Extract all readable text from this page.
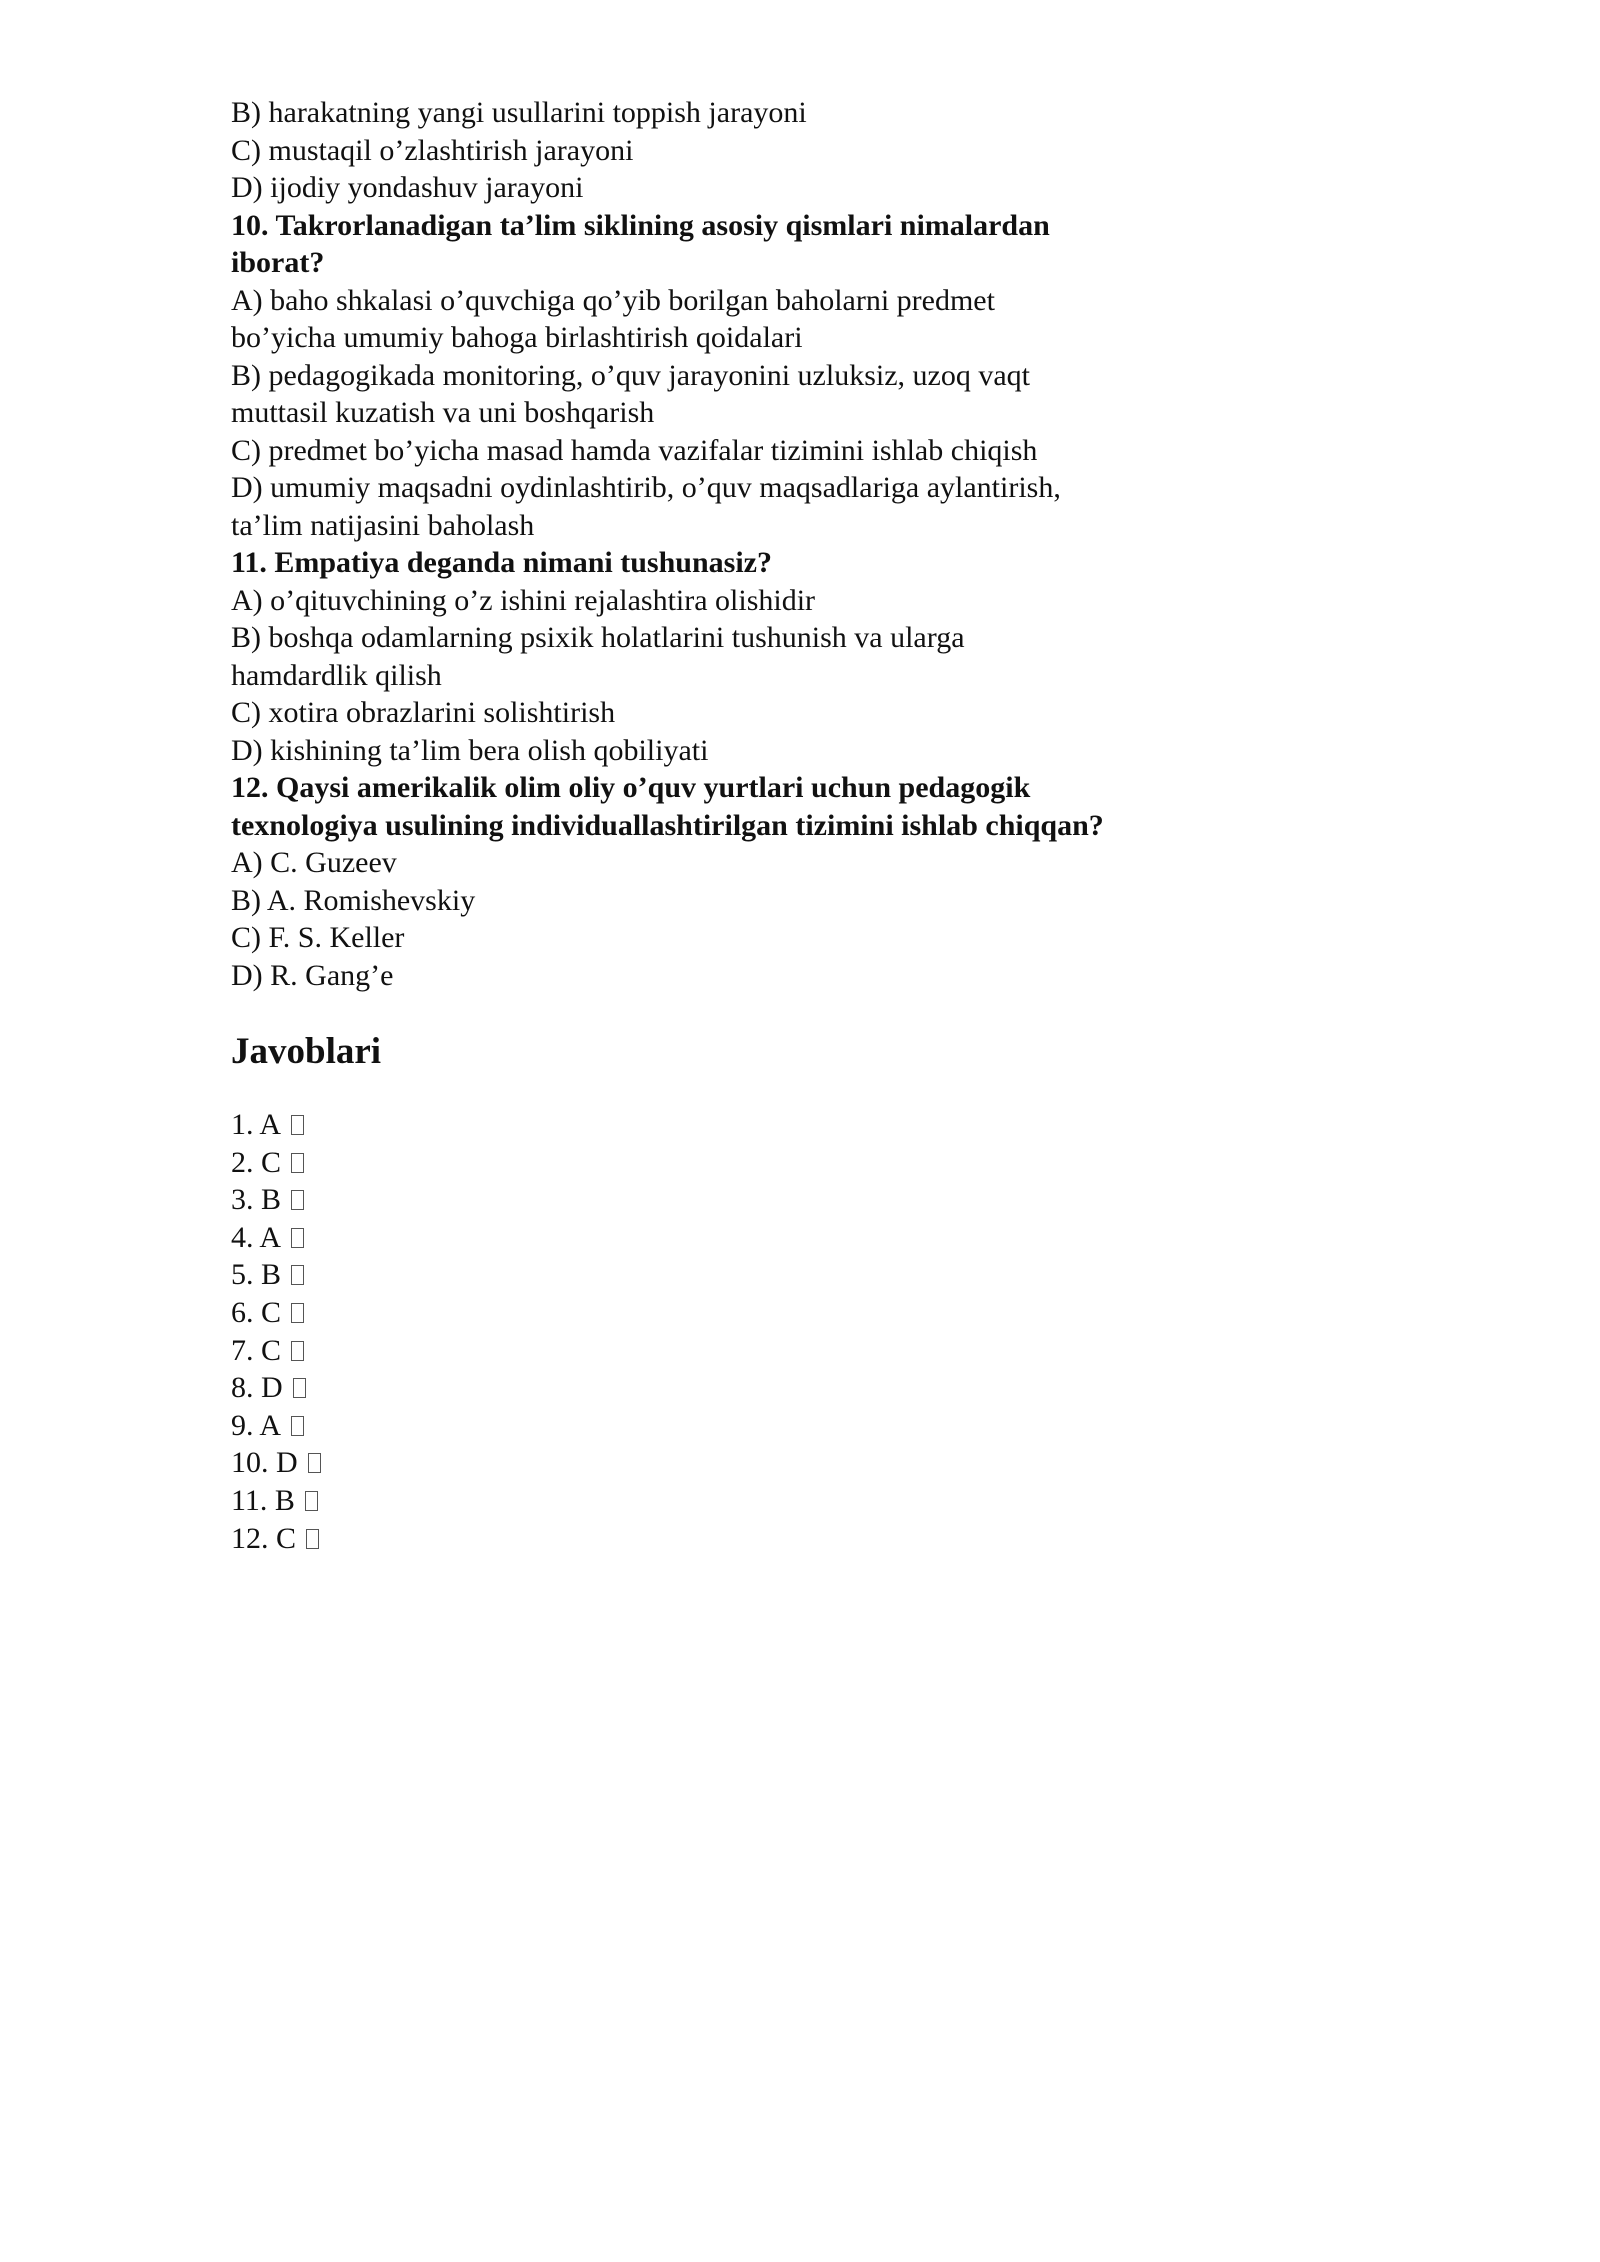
B) harakatning yangi usullarini toppish jarayoni
C) mustaqil o’zlashtirish jarayoni
D) ijodiy yondashuv jarayoni
10. Takrorlanadigan ta’lim siklining asosiy qismlari nimalardan
iborat?
A) baho shkalasi o’quvchiga qo’yib borilgan baholarni predmet
bo’yicha umumiy bahoga birlashtirish qoidalari
B) pedagogikada monitoring, o’quv jarayonini uzluksiz, uzoq vaqt
muttasil kuzatish va uni boshqarish
C) predmet bo’yicha masad hamda vazifalar tizimini ishlab chiqish
D) umumiy maqsadni oydinlashtirib, o’quv maqsadlariga aylantirish,
ta’lim natijasini baholash
11. Empatiya deganda nimani tushunasiz?
A) o’qituvchining o’z ishini rejalashtira olishidir
B) boshqa odamlarning psixik holatlarini tushunish va ularga
hamdardlik qilish
C) xotira obrazlarini solishtirish
D) kishining ta’lim bera olish qobiliyati
12. Qaysi amerikalik olim oliy o’quv yurtlari uchun pedagogik
texnologiya usulining individuallashtirilgan tizimini ishlab chiqqan?
A) C. Guzeev
B) A. Romishevskiy
C) F. S. Keller
D) R. Gang’e
Javoblari
1. A
2. C
3. B
4. A
5. B
6. C
7. C
8. D
9. A
10. D
11. B
12. C
